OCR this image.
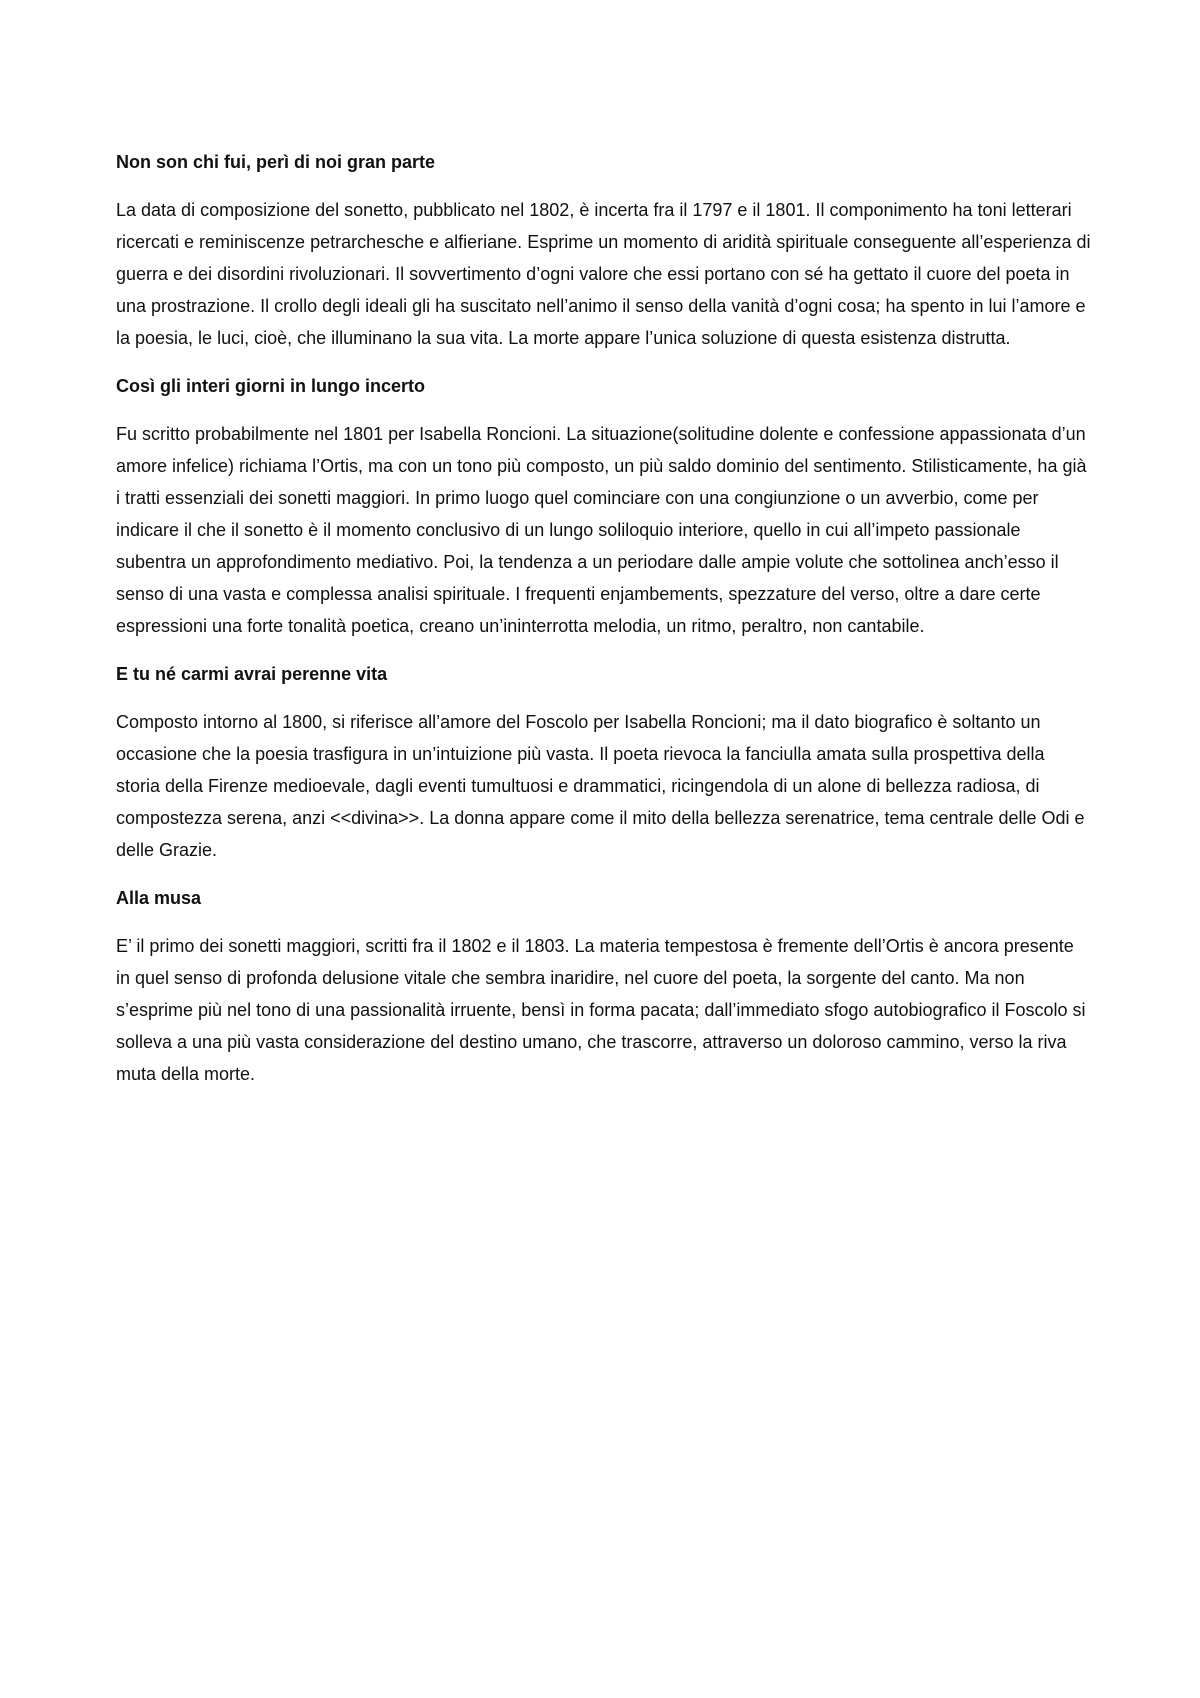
Non son chi fui, perì di noi gran parte

La data di composizione del sonetto, pubblicato nel 1802, è incerta fra il 1797 e il 1801. Il componimento ha toni letterari ricercati e reminiscenze petrarchesche e alfieriane. Esprime un momento di aridità spirituale conseguente all’esperienza di guerra e dei disordini rivoluzionari. Il sovvertimento d’ogni valore che essi portano con sé ha gettato il cuore del poeta in una prostrazione. Il crollo degli ideali gli ha suscitato nell’animo il senso della vanità d’ogni cosa; ha spento in lui l’amore e la poesia, le luci, cioè, che illuminano la sua vita. La morte appare l’unica soluzione di questa esistenza distrutta.

Così gli interi giorni in lungo incerto

Fu scritto probabilmente nel 1801 per Isabella Roncioni. La situazione(solitudine dolente e confessione appassionata d’un amore infelice) richiama l’Ortis, ma con un tono più composto, un più saldo dominio del sentimento. Stilisticamente, ha già i tratti essenziali dei sonetti maggiori. In primo luogo quel cominciare con una congiunzione o un avverbio, come per indicare il che il sonetto è il momento conclusivo di un lungo soliloquio interiore, quello in cui all’impeto passionale subentra un approfondimento mediativo. Poi, la tendenza a un periodare dalle ampie volute che sottolinea anch’esso il senso di una vasta e complessa analisi spirituale. I frequenti enjambements, spezzature del verso, oltre a dare certe espressioni una forte tonalità poetica, creano un’ininterrotta melodia, un ritmo, peraltro, non cantabile.

E tu né carmi avrai perenne vita

Composto intorno al 1800, si riferisce all’amore del Foscolo per Isabella Roncioni; ma il dato biografico è soltanto un occasione che la poesia trasfigura in un’intuizione più vasta. Il poeta rievoca la fanciulla amata sulla prospettiva della storia della Firenze medioevale, dagli eventi tumultuosi e drammatici, ricingendola di un alone di bellezza radiosa, di compostezza serena, anzi <<divina>>. La donna appare come il mito della bellezza serenatrice, tema centrale delle Odi e delle Grazie.

Alla musa

E’ il primo dei sonetti maggiori, scritti fra il 1802 e il 1803. La materia tempestosa è fremente dell’Ortis è ancora presente in quel senso di profonda delusione vitale che sembra inaridire, nel cuore del poeta, la sorgente del canto. Ma non s’esprime più nel tono di una passionalità irruente, bensì in forma pacata; dall’immediato sfogo autobiografico il Foscolo si solleva a una più vasta considerazione del destino umano, che trascorre, attraverso un doloroso cammino, verso la riva muta della morte.
